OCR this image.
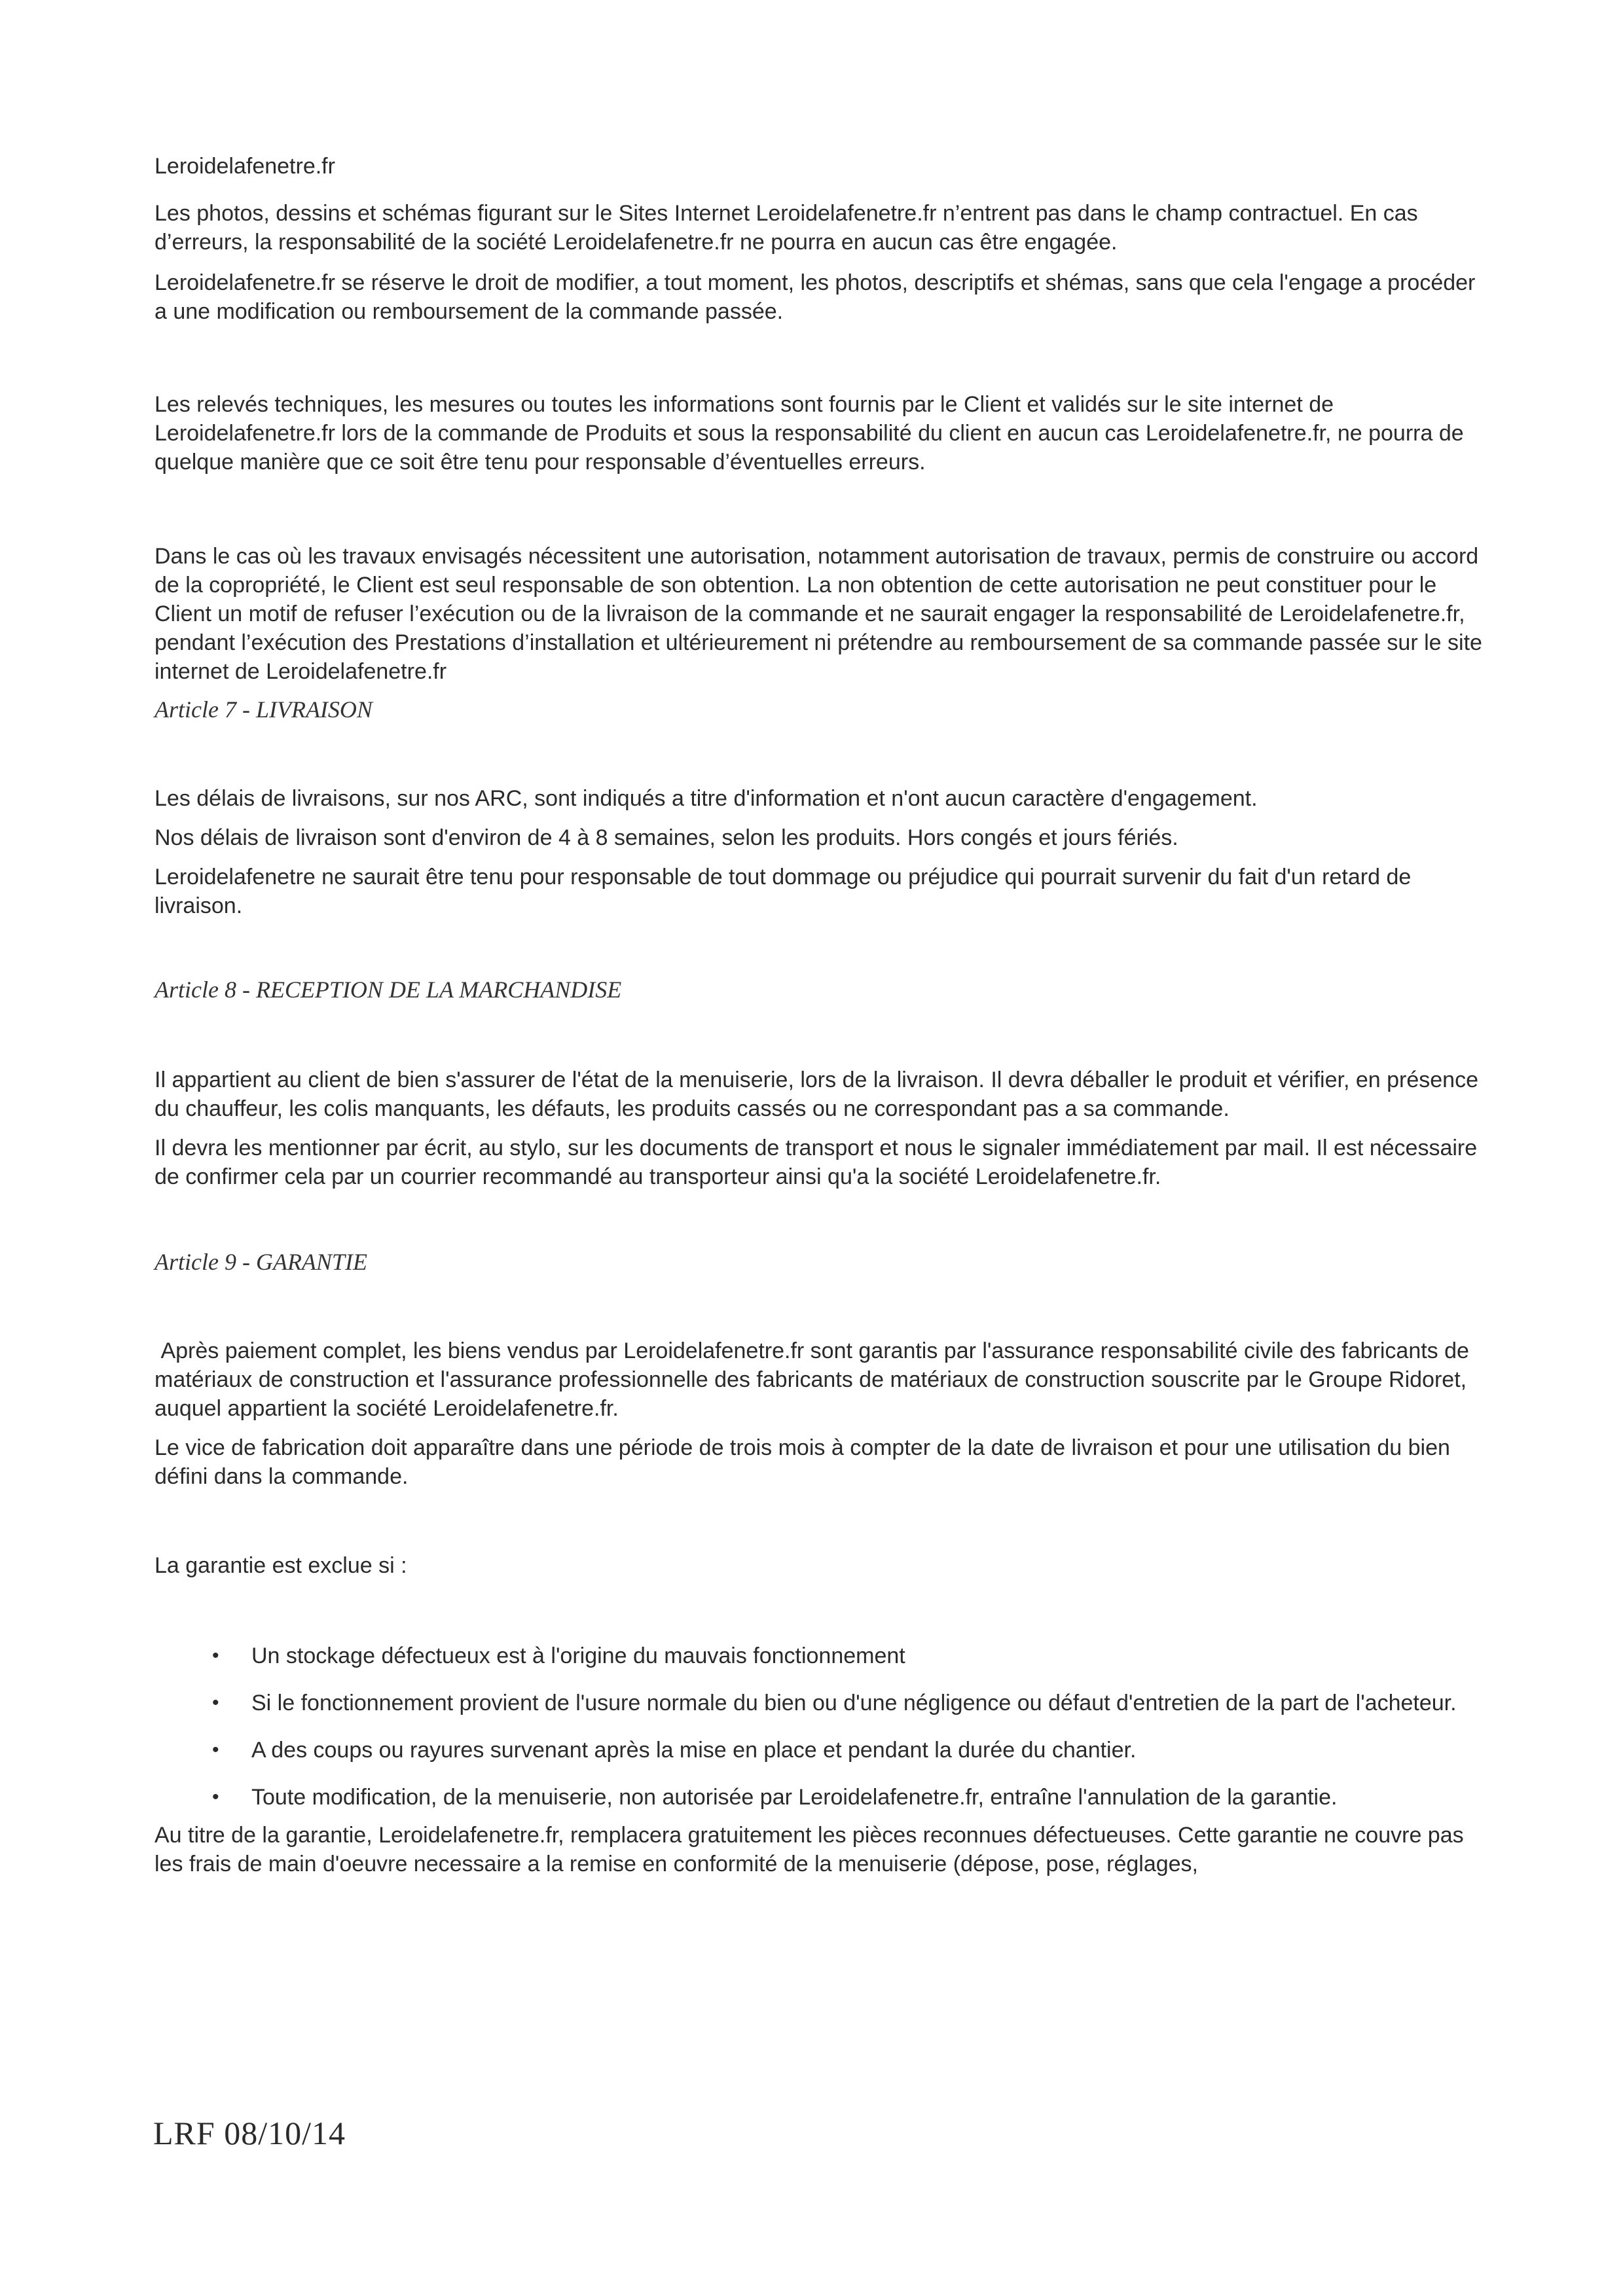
Leroidelafenetre.fr

Les photos, dessins et schémas figurant sur le Sites Internet Leroidelafenetre.fr n’entrent pas dans le champ contractuel. En cas d’erreurs, la responsabilité de la société Leroidelafenetre.fr ne pourra en aucun cas être engagée.

Leroidelafenetre.fr se réserve le droit de modifier, a tout moment, les photos, descriptifs et shémas, sans que cela l'engage a procéder a une modification ou remboursement de la commande passée.

Les relevés techniques, les mesures ou toutes les informations sont fournis par le Client et validés sur le site internet de Leroidelafenetre.fr lors de la commande de Produits et sous la responsabilité du client en aucun cas Leroidelafenetre.fr, ne pourra de quelque manière que ce soit être tenu pour responsable d’éventuelles erreurs.

Dans le cas où les travaux envisagés nécessitent une autorisation, notamment autorisation de travaux, permis de construire ou accord de la copropriété, le Client est seul responsable de son obtention. La non obtention de cette autorisation ne peut constituer pour le Client un motif de refuser l’exécution ou de la livraison de la commande et ne saurait engager la responsabilité de Leroidelafenetre.fr, pendant l’exécution des Prestations d’installation et ultérieurement ni prétendre au remboursement de sa commande passée sur le site internet de Leroidelafenetre.fr

Article 7 - LIVRAISON

Les délais de livraisons, sur nos ARC, sont indiqués a titre d'information et n'ont aucun caractère d'engagement.

Nos délais de livraison sont d'environ de 4 à 8 semaines, selon les produits. Hors congés et jours fériés.

Leroidelafenetre ne saurait être tenu pour responsable de tout dommage ou préjudice qui pourrait survenir du fait d'un retard de livraison.

Article 8 - RECEPTION DE LA MARCHANDISE

Il appartient au client de bien s'assurer de l'état de la menuiserie, lors de la livraison. Il devra déballer le produit et vérifier, en présence du chauffeur, les colis manquants, les défauts, les produits cassés ou ne correspondant pas a sa commande.

Il devra les mentionner par écrit, au stylo, sur les documents de transport et nous le signaler immédiatement par mail. Il est nécessaire de confirmer cela par un courrier recommandé au transporteur ainsi qu'a la société Leroidelafenetre.fr.

Article 9 - GARANTIE

Après paiement complet, les biens vendus par Leroidelafenetre.fr sont garantis par l'assurance responsabilité civile des fabricants de matériaux de construction et l'assurance professionnelle des fabricants de matériaux de construction souscrite par le Groupe Ridoret, auquel appartient la société Leroidelafenetre.fr.

Le vice de fabrication doit apparaître dans une période de trois mois à compter de la date de livraison et pour une utilisation du bien défini dans la commande.

La garantie est exclue si :

• Un stockage défectueux est à l'origine du mauvais fonctionnement
• Si le fonctionnement provient de l'usure normale du bien ou d'une négligence ou défaut d'entretien de la part de l'acheteur.
• A des coups ou rayures survenant après la mise en place et pendant la durée du chantier.
• Toute modification, de la menuiserie, non autorisée par Leroidelafenetre.fr, entraîne l'annulation de la garantie.

Au titre de la garantie, Leroidelafenetre.fr, remplacera gratuitement les pièces reconnues défectueuses. Cette garantie ne couvre pas les frais de main d'oeuvre necessaire a la remise en conformité de la menuiserie (dépose, pose, réglages,

LRF 08/10/14
